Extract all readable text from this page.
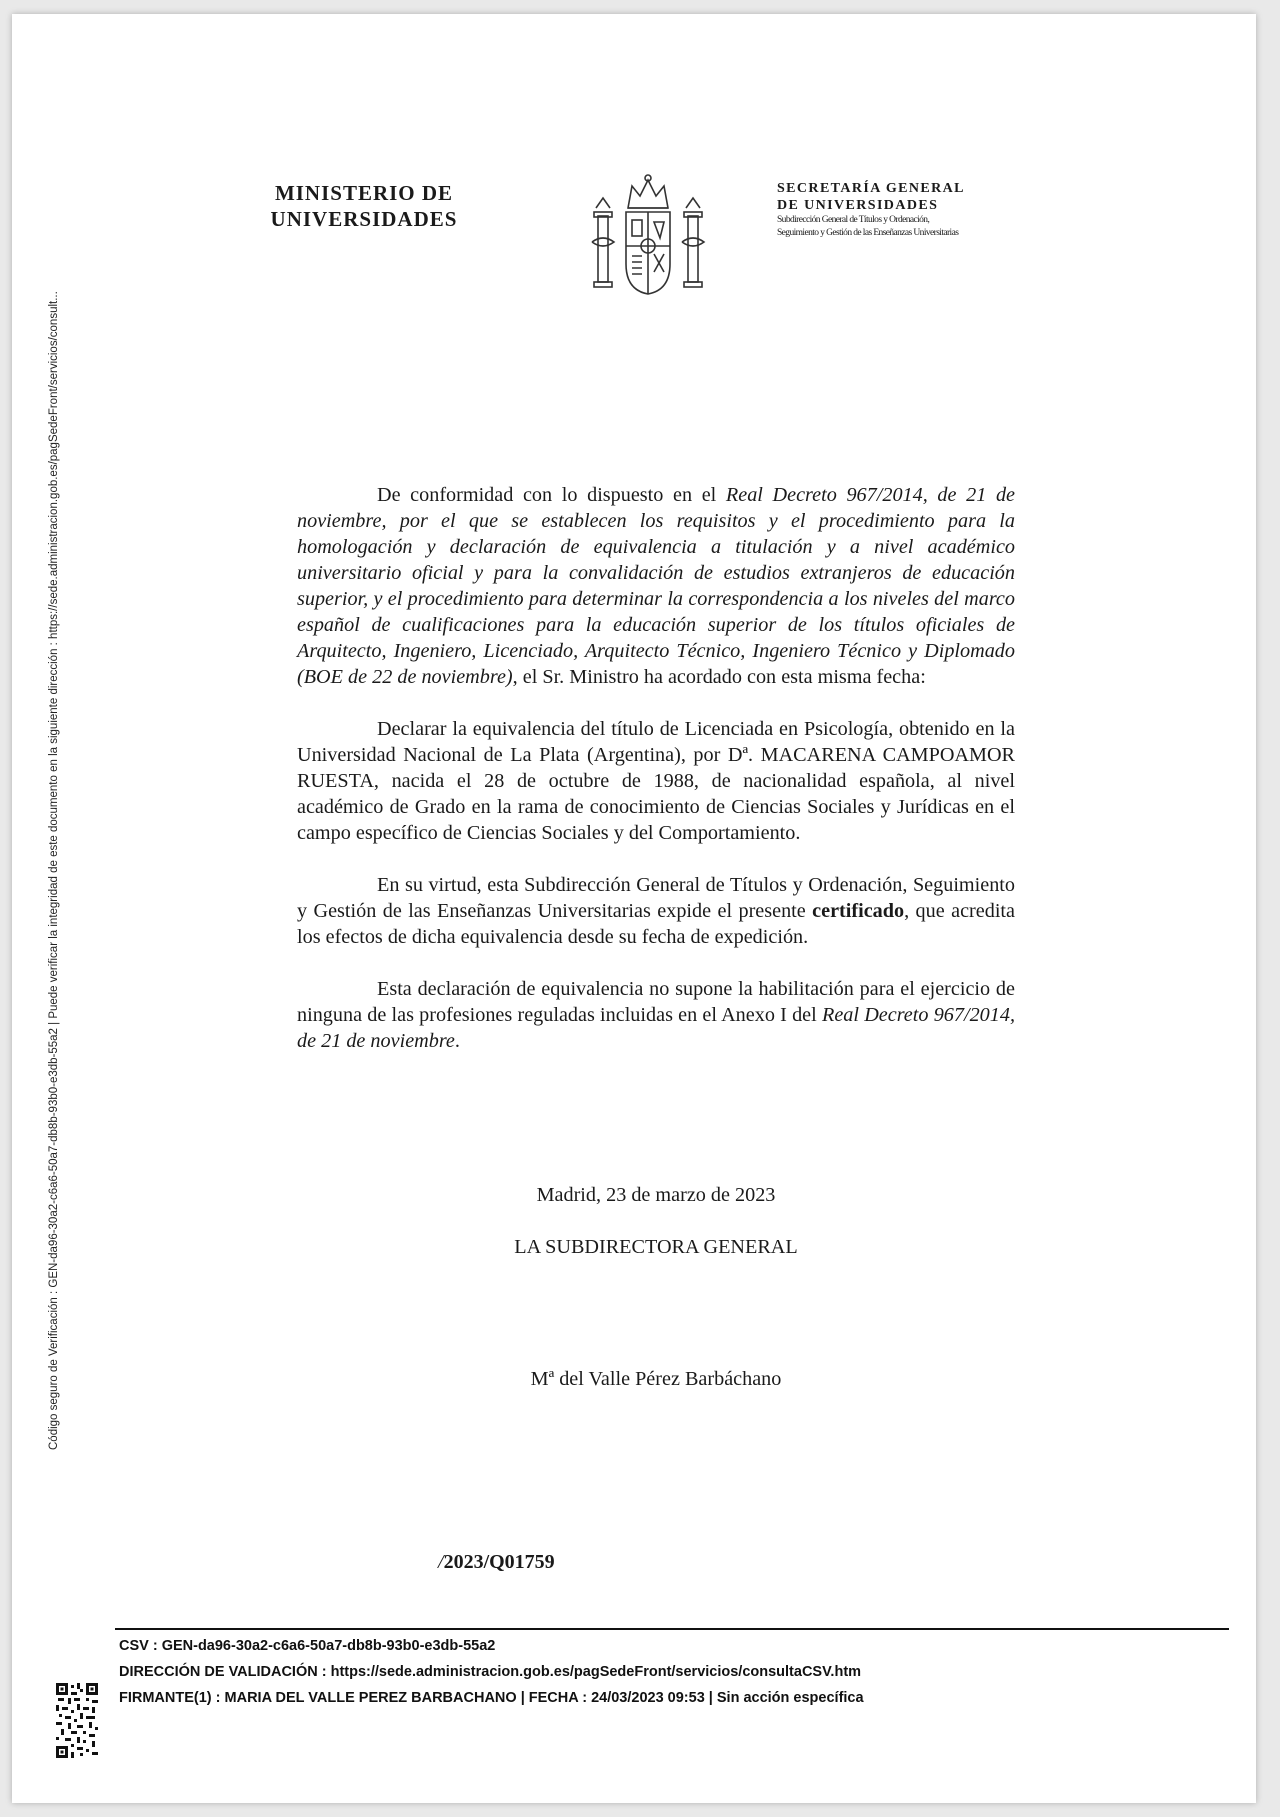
Código seguro de Verificación : GEN-da96-30a2-c6a6-50a7-db8b-93b0-e3db-55a2 | Puede verificar la integridad de este documento en la siguiente dirección : https://sede.administracion.gob.es/pagSedeFront/servicios/consult...
MINISTERIO DE
UNIVERSIDADES
SECRETARÍA GENERAL
DE UNIVERSIDADES
Subdirección General de Títulos y Ordenación,
Seguimiento y Gestión de las Enseñanzas Universitarias

De conformidad con lo dispuesto en el Real Decreto 967/2014, de 21 de noviembre, por el que se establecen los requisitos y el procedimiento para la homologación y declaración de equivalencia a titulación y a nivel académico universitario oficial y para la convalidación de estudios extranjeros de educación superior, y el procedimiento para determinar la correspondencia a los niveles del marco español de cualificaciones para la educación superior de los títulos oficiales de Arquitecto, Ingeniero, Licenciado, Arquitecto Técnico, Ingeniero Técnico y Diplomado (BOE de 22 de noviembre), el Sr. Ministro ha acordado con esta misma fecha:

Declarar la equivalencia del título de Licenciada en Psicología, obtenido en la Universidad Nacional de La Plata (Argentina), por Dª. MACARENA CAMPOAMOR RUESTA, nacida el 28 de octubre de 1988, de nacionalidad española, al nivel académico de Grado en la rama de conocimiento de Ciencias Sociales y Jurídicas en el campo específico de Ciencias Sociales y del Comportamiento.

En su virtud, esta Subdirección General de Títulos y Ordenación, Seguimiento y Gestión de las Enseñanzas Universitarias expide el presente certificado, que acredita los efectos de dicha equivalencia desde su fecha de expedición.

Esta declaración de equivalencia no supone la habilitación para el ejercicio de ninguna de las profesiones reguladas incluidas en el Anexo I del Real Decreto 967/2014, de 21 de noviembre.

Madrid, 23 de marzo de 2023
LA SUBDIRECTORA GENERAL
Mª del Valle Pérez Barbáchano
/2023/Q01759
CSV : GEN-da96-30a2-c6a6-50a7-db8b-93b0-e3db-55a2
DIRECCIÓN DE VALIDACIÓN : https://sede.administracion.gob.es/pagSedeFront/servicios/consultaCSV.htm
FIRMANTE(1) : MARIA DEL VALLE PEREZ BARBACHANO | FECHA : 24/03/2023 09:53 | Sin acción específica
